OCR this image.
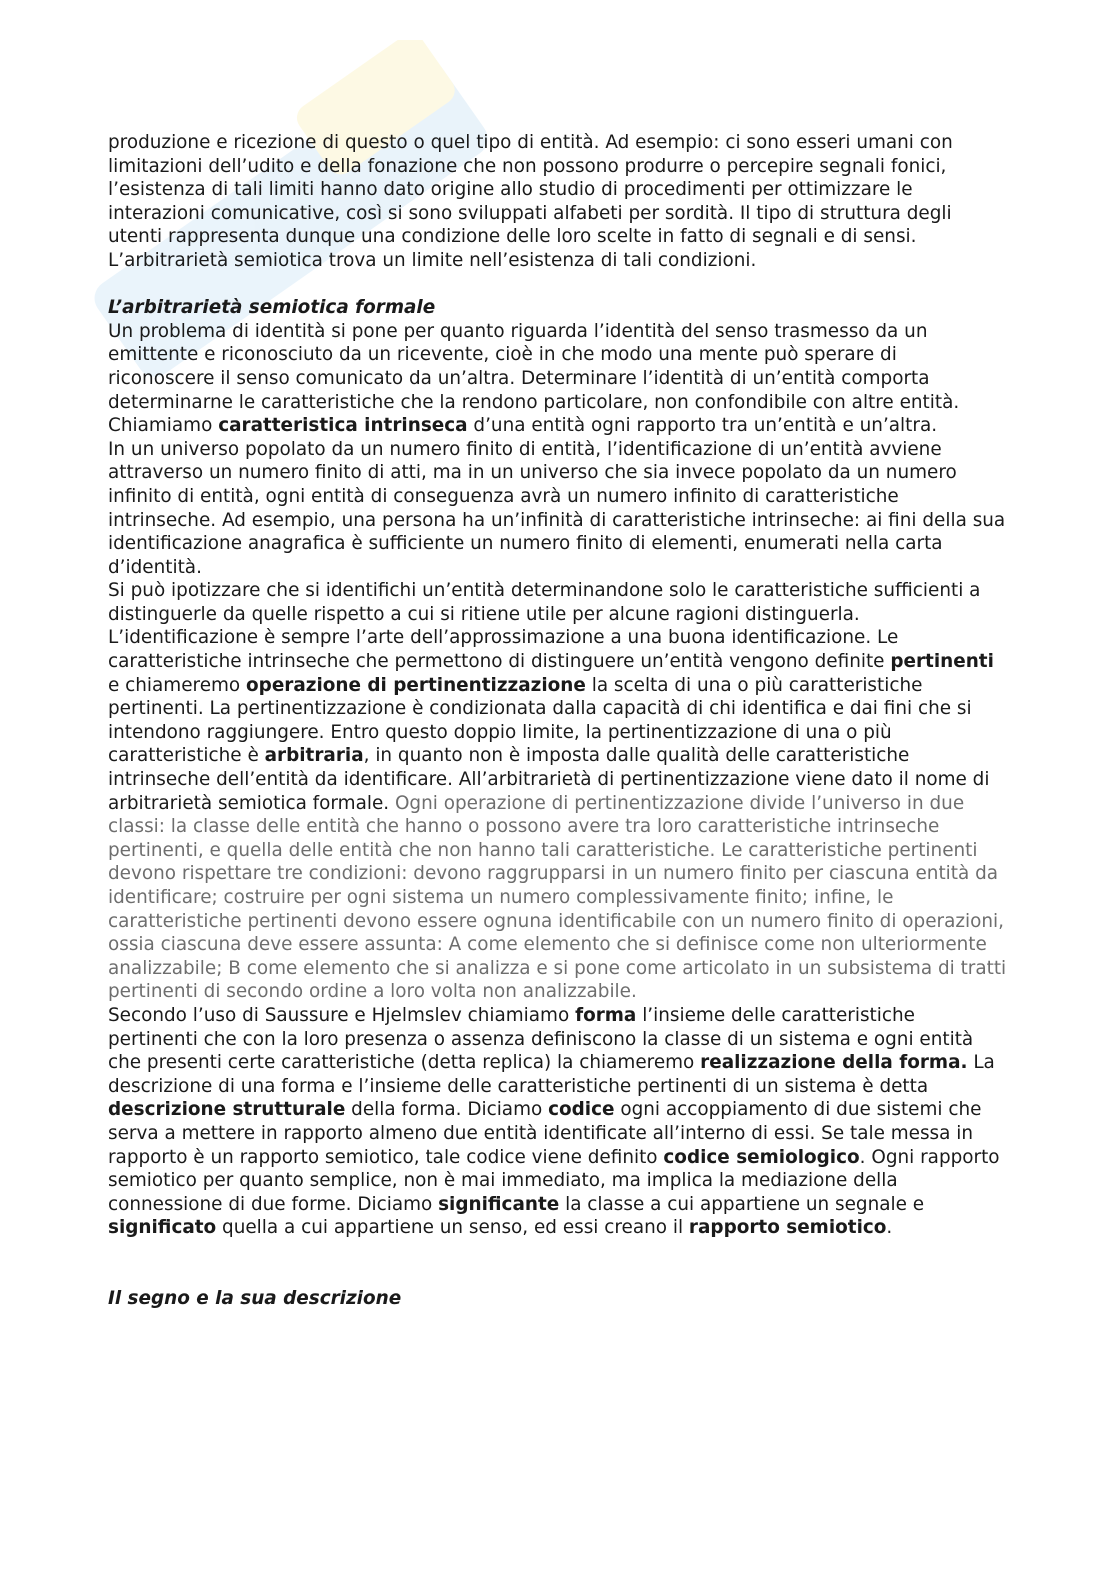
produzione e ricezione di questo o quel tipo di entità. Ad esempio: ci sono esseri umani con limitazioni dell’udito e della fonazione che non possono produrre o percepire segnali fonici, l’esistenza di tali limiti hanno dato origine allo studio di procedimenti per ottimizzare le interazioni comunicative, così si sono sviluppati alfabeti per sordità. Il tipo di struttura degli utenti rappresenta dunque una condizione delle loro scelte in fatto di segnali e di sensi. L’arbitrarietà semiotica trova un limite nell’esistenza di tali condizioni.

L’arbitrarietà semiotica formale

Un problema di identità si pone per quanto riguarda l’identità del senso trasmesso da un emittente e riconosciuto da un ricevente, cioè in che modo una mente può sperare di riconoscere il senso comunicato da un’altra. Determinare l’identità di un’entità comporta determinarne le caratteristiche che la rendono particolare, non confondibile con altre entità. Chiamiamo caratteristica intrinseca d’una entità ogni rapporto tra un’entità e un’altra.

In un universo popolato da un numero finito di entità, l’identificazione di un’entità avviene attraverso un numero finito di atti, ma in un universo che sia invece popolato da un numero infinito di entità, ogni entità di conseguenza avrà un numero infinito di caratteristiche intrinseche. Ad esempio, una persona ha un’infinità di caratteristiche intrinseche: ai fini della sua identificazione anagrafica è sufficiente un numero finito di elementi, enumerati nella carta d’identità.

Si può ipotizzare che si identifichi un’entità determinandone solo le caratteristiche sufficienti a distinguerle da quelle rispetto a cui si ritiene utile per alcune ragioni distinguerla. L’identificazione è sempre l’arte dell’approssimazione a una buona identificazione. Le caratteristiche intrinseche che permettono di distinguere un’entità vengono definite pertinenti e chiameremo operazione di pertinentizzazione la scelta di una o più caratteristiche pertinenti. La pertinentizzazione è condizionata dalla capacità di chi identifica e dai fini che si intendono raggiungere. Entro questo doppio limite, la pertinentizzazione di una o più caratteristiche è arbitraria, in quanto non è imposta dalle qualità delle caratteristiche intrinseche dell’entità da identificare. All’arbitrarietà di pertinentizzazione viene dato il nome di arbitrarietà semiotica formale. Ogni operazione di pertinentizzazione divide l’universo in due classi: la classe delle entità che hanno o possono avere tra loro caratteristiche intrinseche pertinenti, e quella delle entità che non hanno tali caratteristiche. Le caratteristiche pertinenti devono rispettare tre condizioni: devono raggrupparsi in un numero finito per ciascuna entità da identificare; costruire per ogni sistema un numero complessivamente finito; infine, le caratteristiche pertinenti devono essere ognuna identificabile con un numero finito di operazioni, ossia ciascuna deve essere assunta: A come elemento che si definisce come non ulteriormente analizzabile; B come elemento che si analizza e si pone come articolato in un subsistema di tratti pertinenti di secondo ordine a loro volta non analizzabile.

Secondo l’uso di Saussure e Hjelmslev chiamiamo forma l’insieme delle caratteristiche pertinenti che con la loro presenza o assenza definiscono la classe di un sistema e ogni entità che presenti certe caratteristiche (detta replica) la chiameremo realizzazione della forma. La descrizione di una forma e l’insieme delle caratteristiche pertinenti di un sistema è detta descrizione strutturale della forma. Diciamo codice ogni accoppiamento di due sistemi che serva a mettere in rapporto almeno due entità identificate all’interno di essi. Se tale messa in rapporto è un rapporto semiotico, tale codice viene definito codice semiologico. Ogni rapporto semiotico per quanto semplice, non è mai immediato, ma implica la mediazione della connessione di due forme. Diciamo significante la classe a cui appartiene un segnale e significato quella a cui appartiene un senso, ed essi creano il rapporto semiotico.

Il segno e la sua descrizione
